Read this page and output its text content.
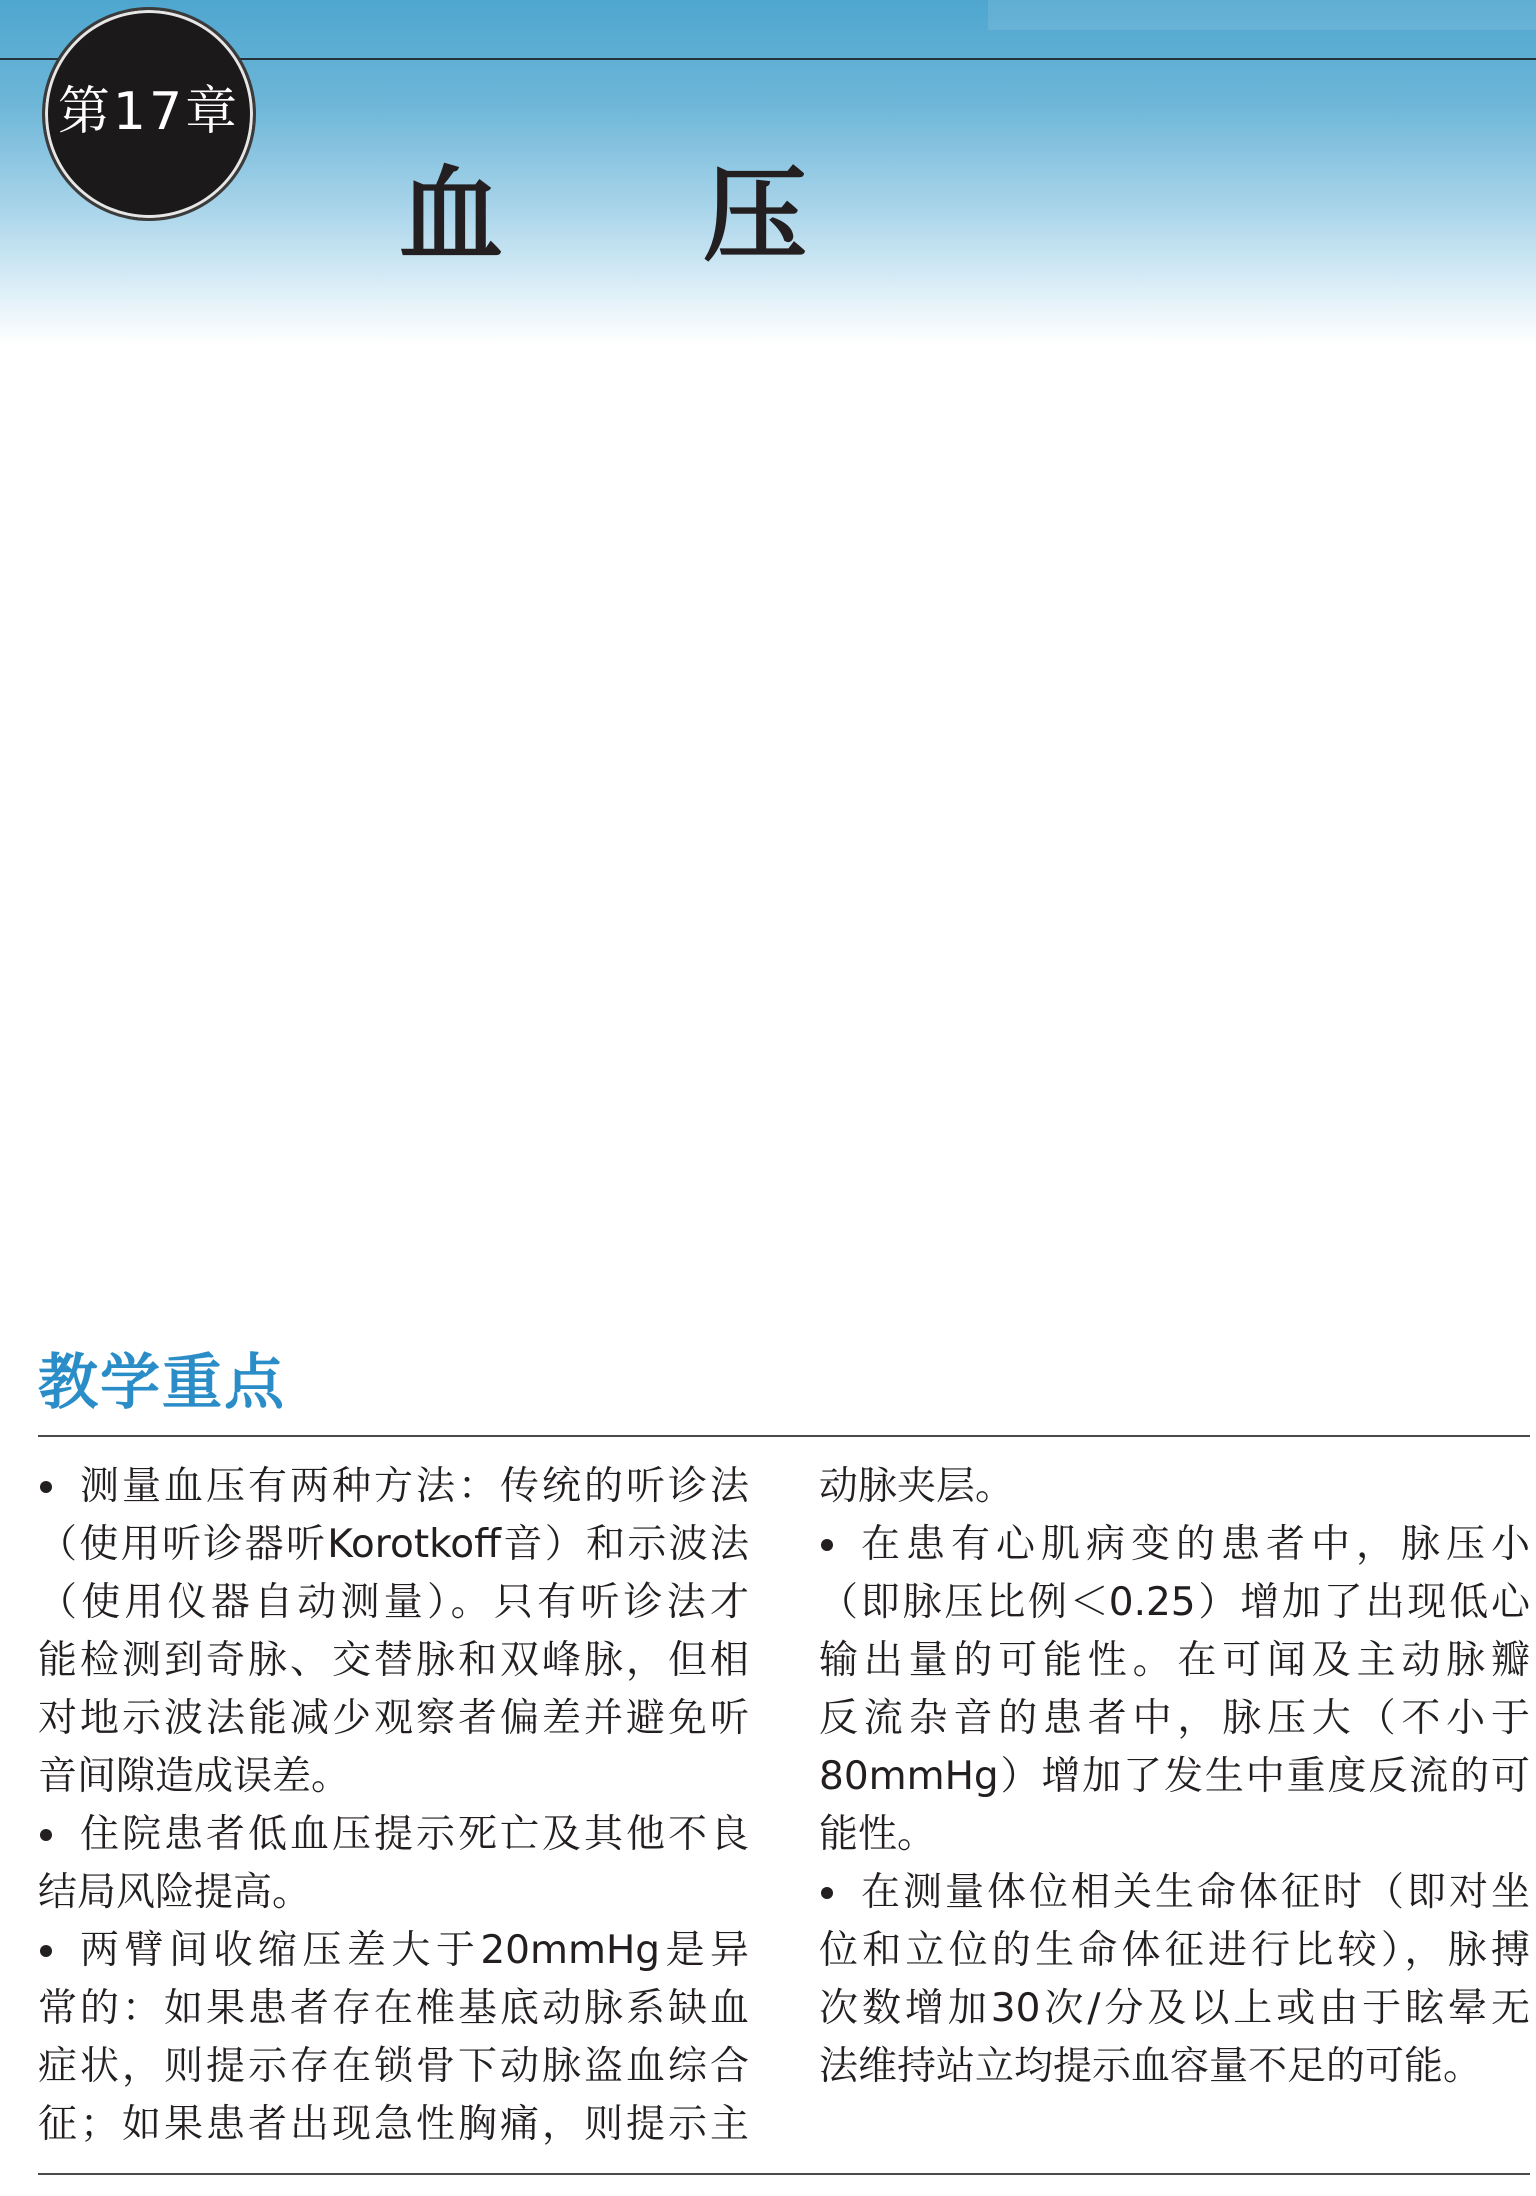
第17章
血压
教学重点
测量血压有两种方法：传统的听诊法
（使用听诊器听Korotkoff音）和示波法
（使用仪器自动测量）。只有听诊法才
能检测到奇脉、交替脉和双峰脉，但相
对地示波法能减少观察者偏差并避免听
音间隙造成误差。
住院患者低血压提示死亡及其他不良
结局风险提高。
两臂间收缩压差大于20mmHg是异
常的：如果患者存在椎基底动脉系缺血
症状，则提示存在锁骨下动脉盗血综合
征；如果患者出现急性胸痛，则提示主
动脉夹层。
在患有心肌病变的患者中，脉压小
（即脉压比例＜0.25）增加了出现低心
输出量的可能性。在可闻及主动脉瓣
反流杂音的患者中，脉压大（不小于
80mmHg）增加了发生中重度反流的可
能性。
在测量体位相关生命体征时（即对坐
位和立位的生命体征进行比较），脉搏
次数增加30次/分及以上或由于眩晕无
法维持站立均提示血容量不足的可能。
